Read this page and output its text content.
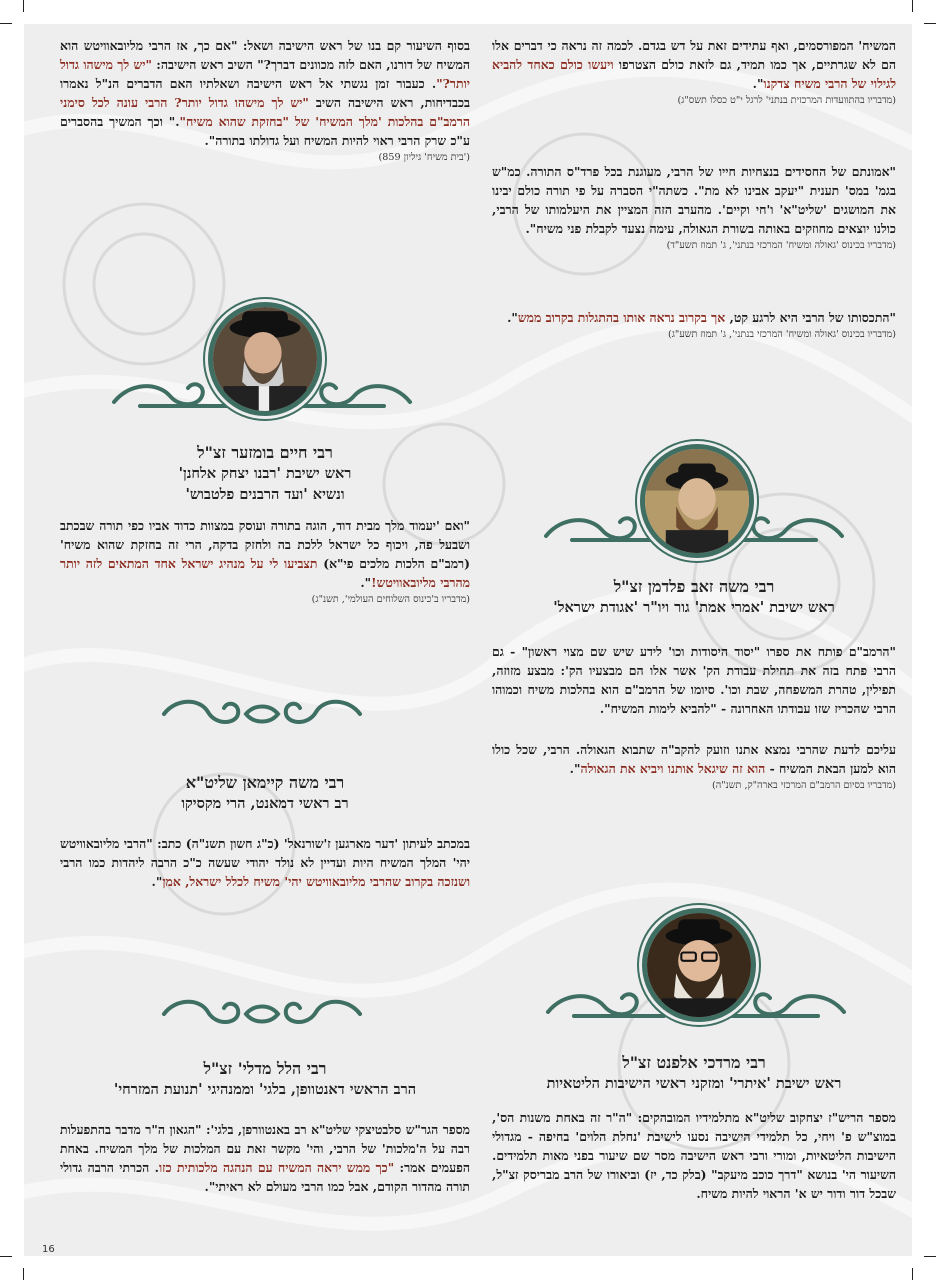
המשיח' המפורסמים, ואף עתידים זאת על דש בגדם. לכמה זה נראה כי דברים אלו הם לא שגרתיים, אך כמו תמיד, גם לזאת כולם הצטרפו ויעשו כולם כאחד להביא לגילוי של הרבי משיח צדקנו".

(מדבריו בהתוועדות המרכזית בנתני' לרגל י"ט כסלו תשס"ג)

"אמונתם של החסידים בנצחיות חייו של הרבי, מעוגנת בכל פרד"ס התורה. כמ"ש בגמ' במס' תענית "יעקב אבינו לא מת". כשתה"י הסברה על פי תורה כולם יבינו את המושגים 'שליט"א' ו'חי וקיים'. מהערב הזה המציין את היעלמותו של הרבי, כולנו יוצאים מחוזקים באותה בשורת הגאולה, עימה נצעד לקבלת פני משיח".

(מדבריו בכינוס 'גאולה ומשיח' המרכזי בנתני', ג' תמוז תשע"ד)

"התכסותו של הרבי היא לרגע קט, אך בקרוב נראה אותו בהתגלות בקרוב ממש".

(מדבריו בכינוס 'גאולה ומשיח' המרכזי בנתני', ג' תמוז תשע"ג)

רבי משה זאב פלדמן זצ"ל
ראש ישיבת 'אמרי אמת' גור ויו"ר 'אגודת ישראל'

"הרמב"ם פותח את ספרו "יסוד היסודות וכו' לידע שיש שם מצוי ראשון" - גם הרבי פתח בזה את תחילת עבודת הק' אשר אלו הם מבצעיו הק': מבצע מזוזה, תפילין, טהרת המשפחה, שבת וכו'. סיומו של הרמב"ם הוא בהלכות משיח וכמוהו הרבי שהכריז שזו עבודתו האחרונה - "להביא לימות המשיח".

עליכם לדעת שהרבי נמצא אתנו וזועק להקב"ה שתבוא הגאולה. הרבי, שכל כולו הוא למען הבאת המשיח - הוא זה שיגאל אותנו ויביא את הגאולה".

(מדבריו בסיום הרמב"ם המרכזי בארה"ק, תשנ"ה)

רבי מרדכי אלפנט זצ"ל
ראש ישיבת 'איתרי' ומזקני ראשי הישיבות הליטאיות

מספר הריש"ז יצחקוב שליט"א מתלמידיו המובהקים: "ה"ר זה באחת משנות הס', במוצ"ש פ' ויחי, כל תלמידי הישיבה נסעו לישיבת 'נחלת הלוים' בחיפה - מגדולי הישיבות הליטאיות, ומורי ורבי ראש הישיבה מסר שם שיעור בפני מאות תלמידים. השיעור הי' בנושא "דרך כוכב מיעקב" (בלק כד, יז) וביאורו של הרב מבריסק זצ"ל, שבכל דור ודור יש א' הראוי להיות משיח.

בסוף השיעור קם בנו של ראש הישיבה ושאל: "אם כך, אז הרבי מליובאוויטש הוא המשיח של דורנו, האם לזה מכוונים דברך?" השיב ראש הישיבה: "יש לך מישהו גדול יותר?". כעבור זמן נגשתי אל ראש הישיבה ושאלתיו האם הדברים הנ"ל נאמרו בכבדיחות, ראש הישיבה השיב "יש לך מישהו גדול יותר? הרבי עונה לכל סימני הרמב"ם בהלכות 'מלך המשיח' של "בחזקת שהוא משיח"." וכך המשיך בהסברים ע"כ שרק הרבי ראוי להיות המשיח ועל גדולתו בתורה".

('בית משיח' גיליון 859)

רבי חיים בומזער זצ"ל
ראש ישיבת 'רבנו יצחק אלחנן'
ונשיא 'ועד הרבנים פלטבוש'

"ואם 'יעמוד מלך מבית דוד, הוגה בתורה ועוסק במצוות כדוד אביו כפי תורה שבכתב ושבעל פה, ויכוף כל ישראל ללכת בה ולחזק בדקה, הרי זה בחזקת שהוא משיח' (רמב"ם הלכות מלכים פי"א) תצביעו לי על מנהיג ישראל אחד המתאים לזה יותר מהרבי מליובאוויטש!".

(מדבריו ב'כינוס השלוחים העולמי', תשנ"ג)

רבי משה קיימאן שליט"א
רב ראשי דמאנט, הרי מקסיקו

במכתב לעיתון 'דער מארגען ז'שורנאל' (כ"ג חשון תשנ"ה) כתב: "הרבי מליובאוויטש יהי' המלך המשיח היות ועדיין לא נולד יהודי שעשה כ"כ הרבה ליהדות כמו הרבי ושנזכה בקרוב שהרבי מליובאוויטש יהי' משיח לכלל ישראל, אמן".

רבי הלל מדלי' זצ"ל
הרב הראשי דאנטוופן, בלגי' וממנהיגי 'תנועת המזרחי'

מספר הגר"ש סלבטיצקי שליט"א רב באנטוורפן, בלגי': "הגאון ה"ר מדבר בהתפעלות רבה על ה'מלכות' של הרבי, והי' מקשר זאת עם המלכות של מלך המשיח. באחת הפעמים אמר: "כך ממש יראה המשיח עם הנהגה מלכותית כזו. הכרתי הרבה גדולי תורה מהדור הקודם, אבל כמו הרבי מעולם לא ראיתי".

16
